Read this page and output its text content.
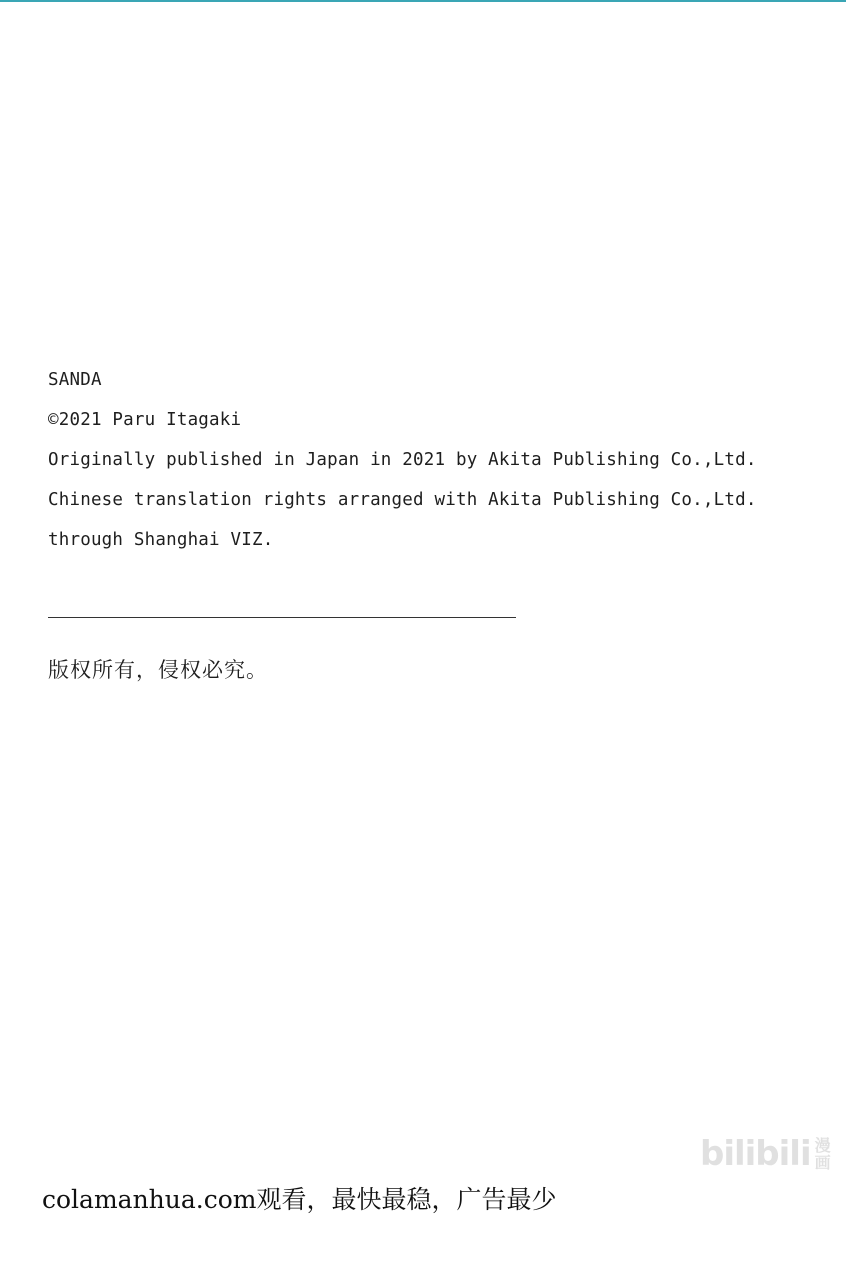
SANDA
©2021 Paru Itagaki
Originally published in Japan in 2021 by Akita Publishing Co.,Ltd.
Chinese translation rights arranged with Akita Publishing Co.,Ltd.
through Shanghai VIZ.
版权所有，侵权必究。
bilibili 漫画
colamanhua.com观看，最快最稳，广告最少
